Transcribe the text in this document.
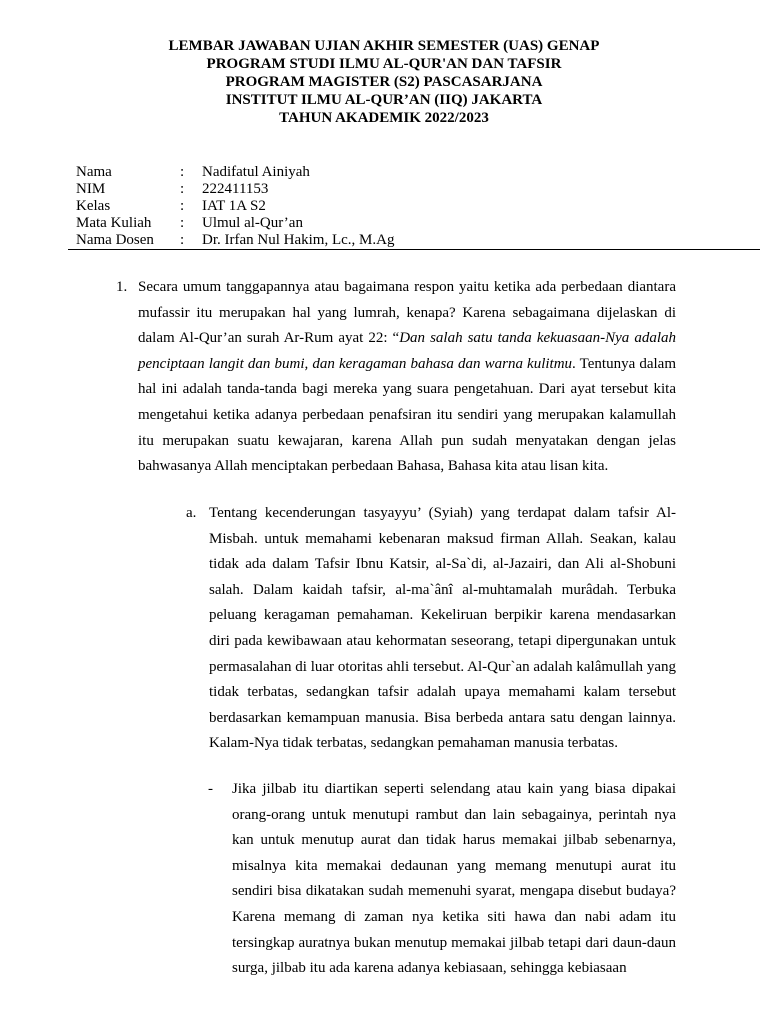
LEMBAR JAWABAN UJIAN AKHIR SEMESTER (UAS) GENAP
PROGRAM STUDI ILMU AL-QUR'AN DAN TAFSIR
PROGRAM MAGISTER (S2) PASCASARJANA
INSTITUT ILMU AL-QUR’AN (IIQ) JAKARTA
TAHUN AKADEMIK 2022/2023
Nama	:	Nadifatul Ainiyah
NIM	:	222411153
Kelas	:	IAT 1A S2
Mata Kuliah	:	Ulmul al-Qur’an
Nama Dosen	:	Dr. Irfan Nul Hakim, Lc., M.Ag
1. Secara umum tanggapannya atau bagaimana respon yaitu ketika ada perbedaan diantara mufassir itu merupakan hal yang lumrah, kenapa? Karena sebagaimana dijelaskan di dalam Al-Qur’an surah Ar-Rum ayat 22: “Dan salah satu tanda kekuasaan-Nya adalah penciptaan langit dan bumi, dan keragaman bahasa dan warna kulitmu. Tentunya dalam hal ini adalah tanda-tanda bagi mereka yang suara pengetahuan. Dari ayat tersebut kita mengetahui ketika adanya perbedaan penafsiran itu sendiri yang merupakan kalamullah itu merupakan suatu kewajaran, karena Allah pun sudah menyatakan dengan jelas bahwasanya Allah menciptakan perbedaan Bahasa, Bahasa kita atau lisan kita.
a. Tentang kecenderungan tasyayyu’ (Syiah) yang terdapat dalam tafsir Al-Misbah. untuk memahami kebenaran maksud firman Allah. Seakan, kalau tidak ada dalam Tafsir Ibnu Katsir, al-Sa`di, al-Jazairi, dan Ali al-Shobuni salah. Dalam kaidah tafsir, al-ma`ânî al-muhtamalah murâdah. Terbuka peluang keragaman pemahaman. Kekeliruan berpikir karena mendasarkan diri pada kewibawaan atau kehormatan seseorang, tetapi dipergunakan untuk permasalahan di luar otoritas ahli tersebut. Al-Qur`an adalah kalâmullah yang tidak terbatas, sedangkan tafsir adalah upaya memahami kalam tersebut berdasarkan kemampuan manusia. Bisa berbeda antara satu dengan lainnya. Kalam-Nya tidak terbatas, sedangkan pemahaman manusia terbatas.
- Jika jilbab itu diartikan seperti selendang atau kain yang biasa dipakai orang-orang untuk menutupi rambut dan lain sebagainya, perintah nya kan untuk menutup aurat dan tidak harus memakai jilbab sebenarnya, misalnya kita memakai dedaunan yang memang menutupi aurat itu sendiri bisa dikatakan sudah memenuhi syarat, mengapa disebut budaya? Karena memang di zaman nya ketika siti hawa dan nabi adam itu tersingkap auratnya bukan menutup memakai jilbab tetapi dari daun-daun surga, jilbab itu ada karena adanya kebiasaan, sehingga kebiasaan
